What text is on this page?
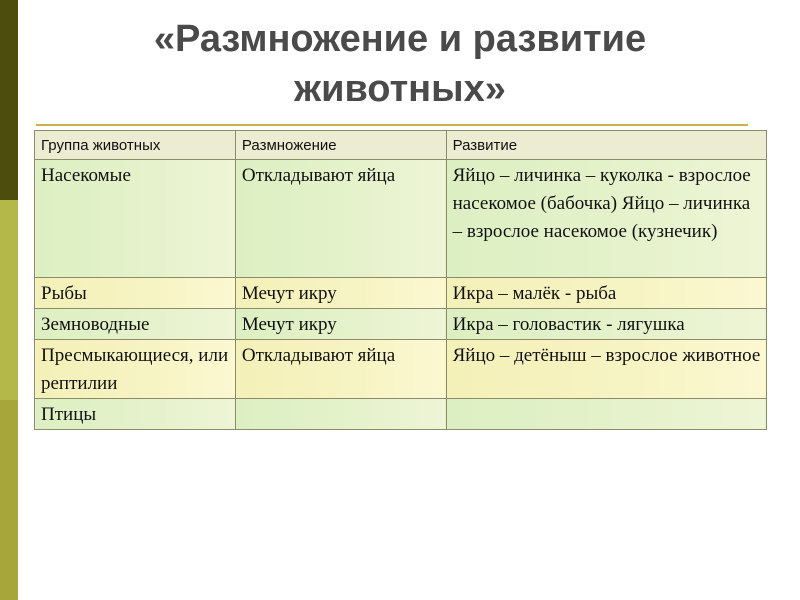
«Размножение и развитие
животных»
Группа животных	Размножение	Развитие
Насекомые	Откладывают яйца	Яйцо – личинка – куколка - взрослое насекомое (бабочка) Яйцо – личинка – взрослое насекомое (кузнечик)
Рыбы	Мечут икру	Икра – малёк - рыба
Земноводные	Мечут икру	Икра – головастик - лягушка
Пресмыкающиеся, или рептилии	Откладывают яйца	Яйцо – детёныш – взрослое животное
Птицы		
